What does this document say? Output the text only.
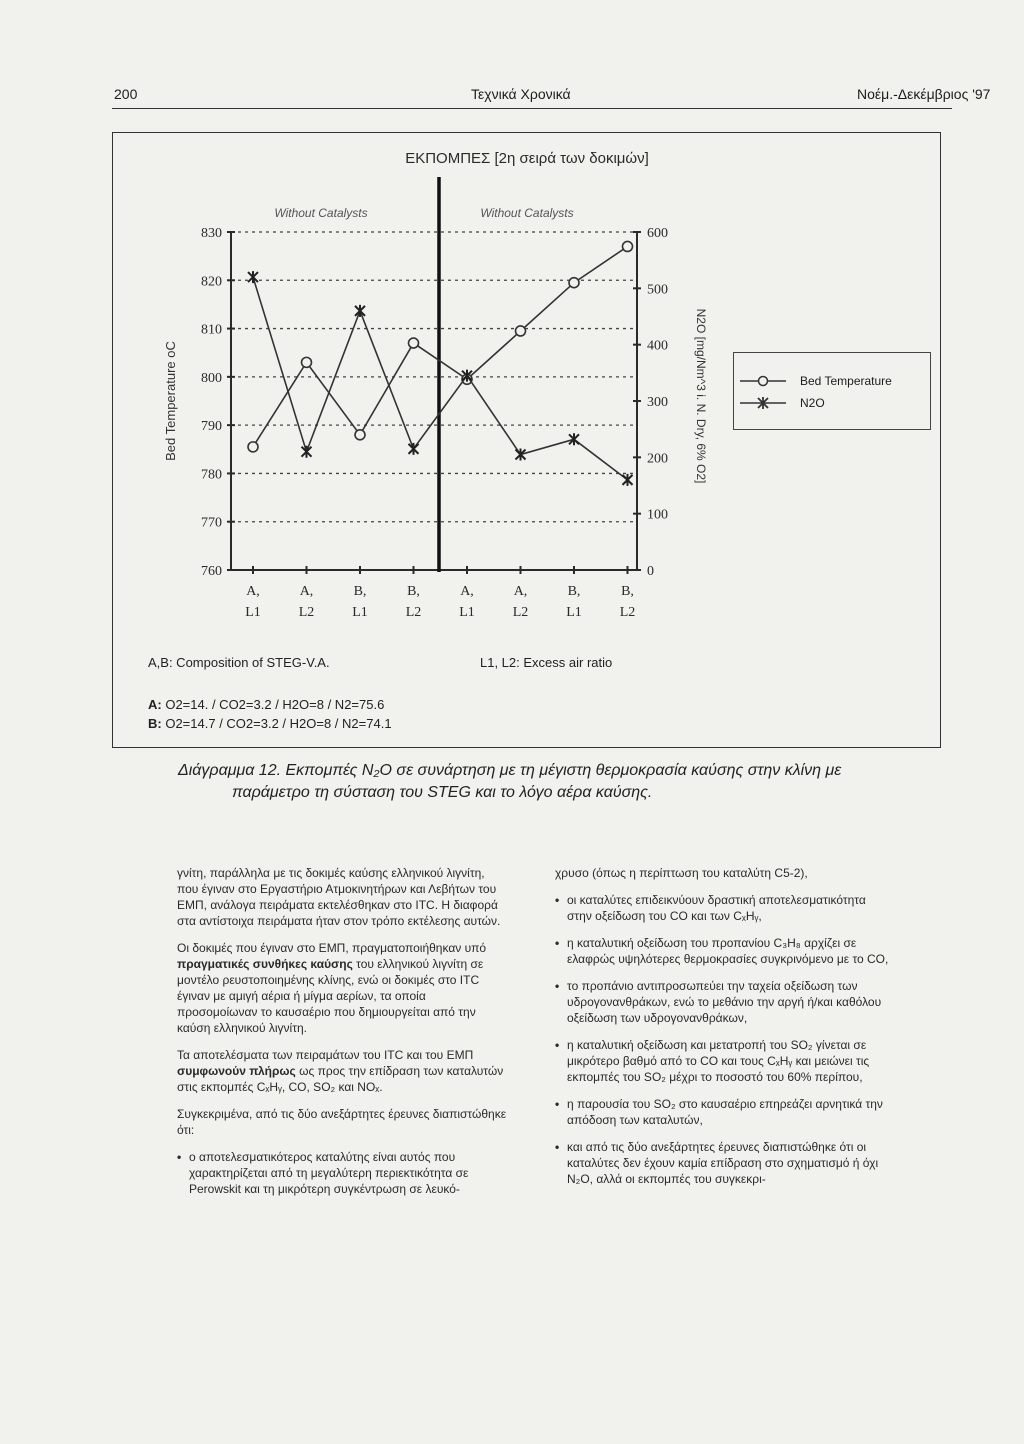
200	Τεχνικά Χρονικά	Νοέμ.-Δεκέμβριος '97
ΕΚΠΟΜΠΕΣ [2η σειρά των δοκιμών]
Without Catalysts	Without Catalysts
760
770
780
790
800
810
820
830
0
100
200
300
400
500
600
Bed Temperature oC	N2O [mg/Nm^3 i. N. Dry, 6% O2]
A,
L1
A,
L2
B,
L1
B,
L2
A,
L1
A,
L2
B,
L1
B,
L2
Bed Temperature
N2O
A,B: Composition of STEG-V.A.	L1, L2: Excess air ratio
A: O2=14. / CO2=3.2 / H2O=8 / N2=75.6
B: O2=14.7 / CO2=3.2 / H2O=8 / N2=74.1
Διάγραμμα 12. Εκπομπές N₂O σε συνάρτηση με τη μέγιστη θερμοκρασία καύσης στην κλίνη με
παράμετρο τη σύσταση του STEG και το λόγο αέρα καύσης.

γνίτη, παράλληλα με τις δοκιμές καύσης ελληνικού λιγνίτη, που έγιναν στο Εργαστήριο Ατμοκινητήρων και Λεβήτων του ΕΜΠ, ανάλογα πειράματα εκτελέσθηκαν στο ITC. Η διαφορά στα αντίστοιχα πειράματα ήταν στον τρόπο εκτέλεσης αυτών.

Οι δοκιμές που έγιναν στο ΕΜΠ, πραγματοποιήθηκαν υπό πραγματικές συνθήκες καύσης του ελληνικού λιγνίτη σε μοντέλο ρευστοποιημένης κλίνης, ενώ οι δοκιμές στο ITC έγιναν με αμιγή αέρια ή μίγμα αερίων, τα οποία προσομοίωναν το καυσαέριο που δημιουργείται από την καύση ελληνικού λιγνίτη.

Τα αποτελέσματα των πειραμάτων του ITC και του ΕΜΠ συμφωνούν πλήρως ως προς την επίδραση των καταλυτών στις εκπομπές CₓHᵧ, CO, SO₂ και NOₓ.

Συγκεκριμένα, από τις δύο ανεξάρτητες έρευνες διαπιστώθηκε ότι:

• ο αποτελεσματικότερος καταλύτης είναι αυτός που χαρακτηρίζεται από τη μεγαλύτερη περιεκτικότητα σε Perowskit και τη μικρότερη συγκέντρωση σε λευκό-

χρυσο (όπως η περίπτωση του καταλύτη C5-2),

• οι καταλύτες επιδεικνύουν δραστική αποτελεσματικότητα στην οξείδωση του CO και των CₓHᵧ,
• η καταλυτική οξείδωση του προπανίου C₃H₈ αρχίζει σε ελαφρώς υψηλότερες θερμοκρασίες συγκρινόμενο με το CO,
• το προπάνιο αντιπροσωπεύει την ταχεία οξείδωση των υδρογονανθράκων, ενώ το μεθάνιο την αργή ή/και καθόλου οξείδωση των υδρογονανθράκων,
• η καταλυτική οξείδωση και μετατροπή του SO₂ γίνεται σε μικρότερο βαθμό από το CO και τους CₓHᵧ και μειώνει τις εκπομπές του SO₂ μέχρι το ποσοστό του 60% περίπου,
• η παρουσία του SO₂ στο καυσαέριο επηρεάζει αρνητικά την απόδοση των καταλυτών,
• και από τις δύο ανεξάρτητες έρευνες διαπιστώθηκε ότι οι καταλύτες δεν έχουν καμία επίδραση στο σχηματισμό ή όχι N₂O, αλλά οι εκπομπές του συγκεκρι-
